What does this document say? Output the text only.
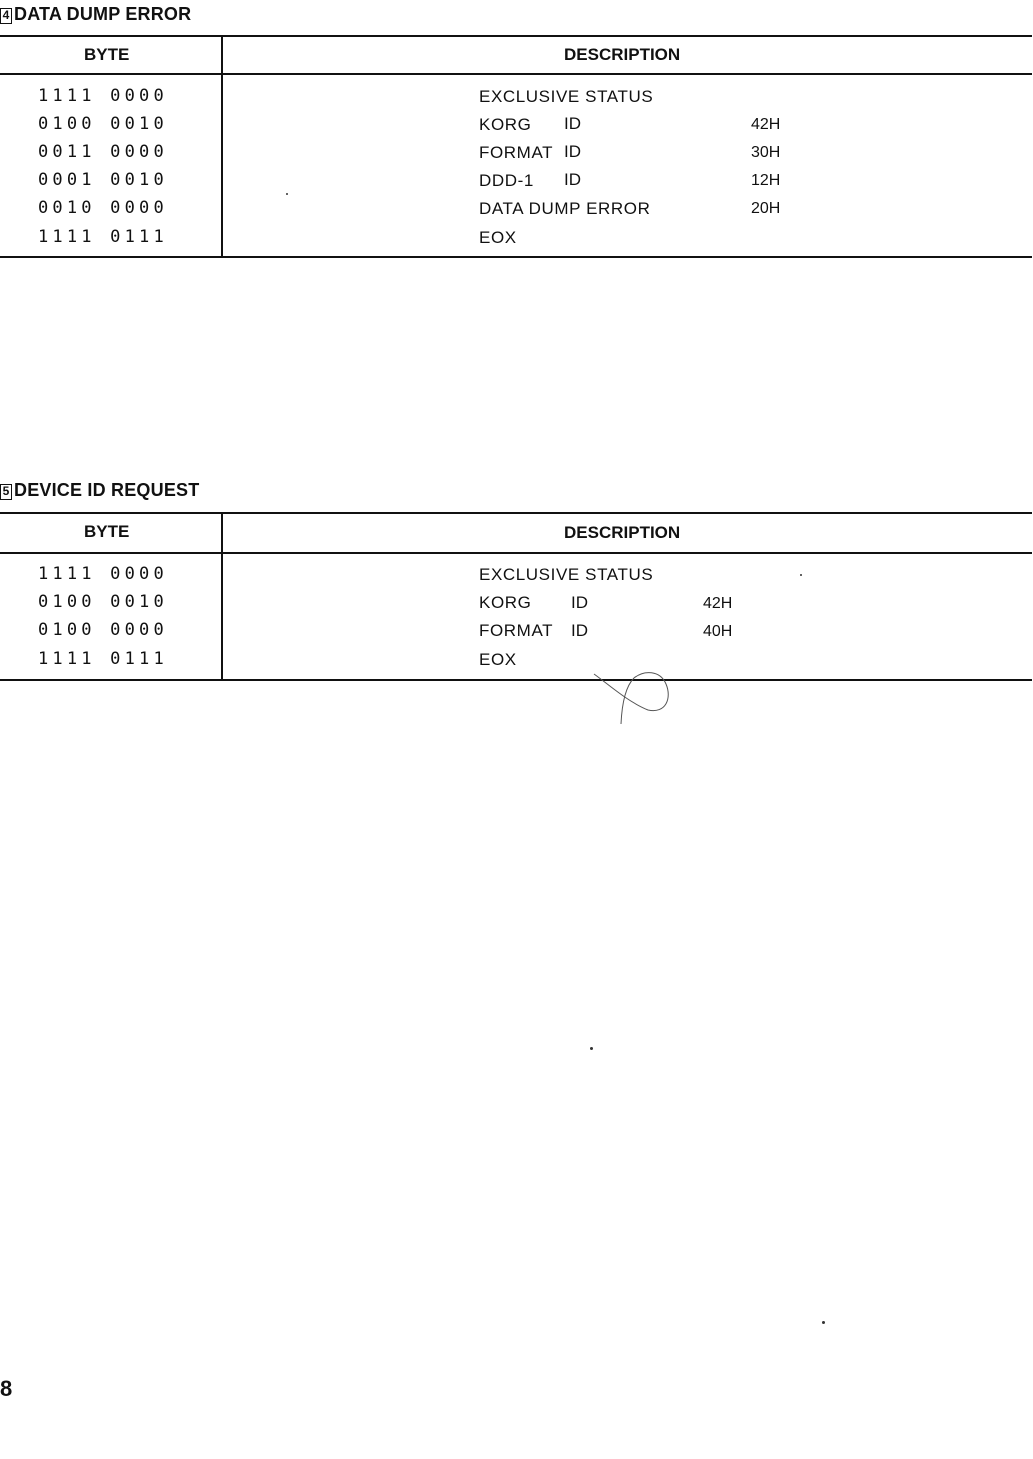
4 DATA DUMP ERROR
BYTE	DESCRIPTION
1111 0000	EXCLUSIVE STATUS
0100 0010	KORG ID	42H
0011 0000	FORMAT ID	30H
0001 0010	DDD-1 ID	12H
0010 0000	DATA DUMP ERROR	20H
1111 0111	EOX
5 DEVICE ID REQUEST
BYTE	DESCRIPTION
1111 0000	EXCLUSIVE STATUS
0100 0010	KORG ID	42H
0100 0000	FORMAT ID	40H
1111 0111	EOX
8
